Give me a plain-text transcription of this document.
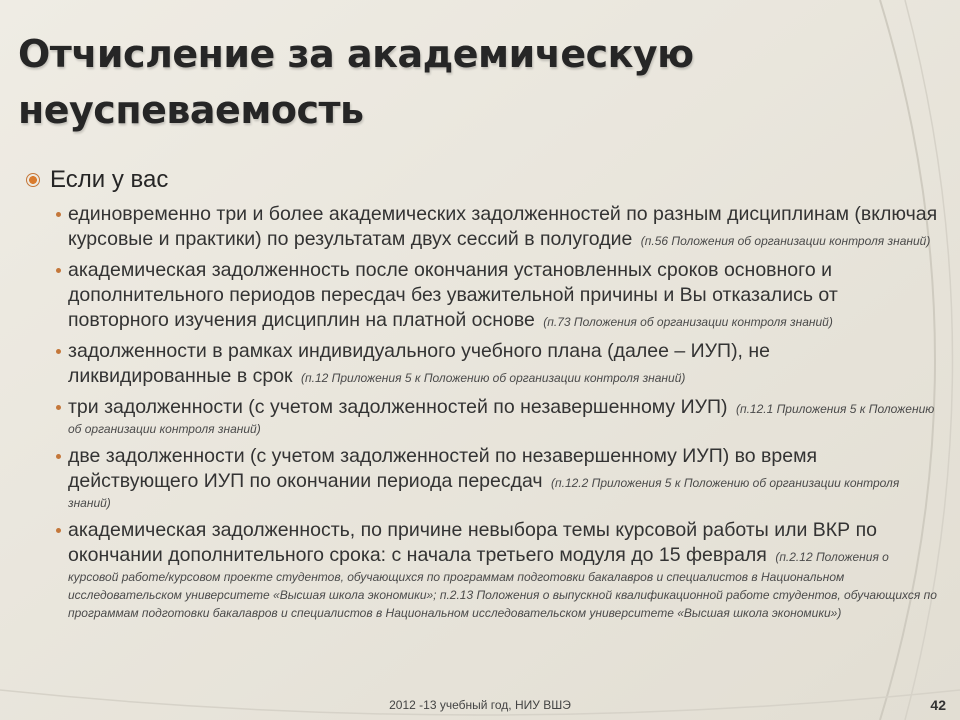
Отчисление за академическую
неуспеваемость
Если у вас
единовременно три и более академических задолженностей по разным дисциплинам (включая курсовые и практики) по результатам двух сессий в полугодие (п.56 Положения об организации контроля знаний)
академическая задолженность после окончания установленных сроков основного и дополнительного периодов пересдач без уважительной причины и Вы отказались от повторного изучения дисциплин на платной основе (п.73 Положения об организации контроля знаний)
задолженности в рамках индивидуального учебного плана (далее – ИУП), не ликвидированные в срок (п.12 Приложения 5 к Положению об организации контроля знаний)
три задолженности (с учетом задолженностей по незавершенному ИУП) (п.12.1 Приложения 5 к Положению об организации контроля знаний)
две задолженности (с учетом задолженностей по незавершенному ИУП) во время действующего ИУП по окончании периода пересдач (п.12.2 Приложения 5 к Положению об организации контроля знаний)
академическая задолженность, по причине невыбора темы курсовой работы или ВКР по окончании дополнительного срока: с начала третьего модуля до 15 февраля (п.2.12 Положения о курсовой работе/курсовом проекте студентов, обучающихся по программам подготовки бакалавров и специалистов в Национальном исследовательском университете «Высшая школа экономики»; п.2.13 Положения о выпускной квалификационной работе студентов, обучающихся по программам подготовки бакалавров и специалистов в Национальном исследовательском университете «Высшая школа экономики»)
2012 -13 учебный год, НИУ ВШЭ	42
